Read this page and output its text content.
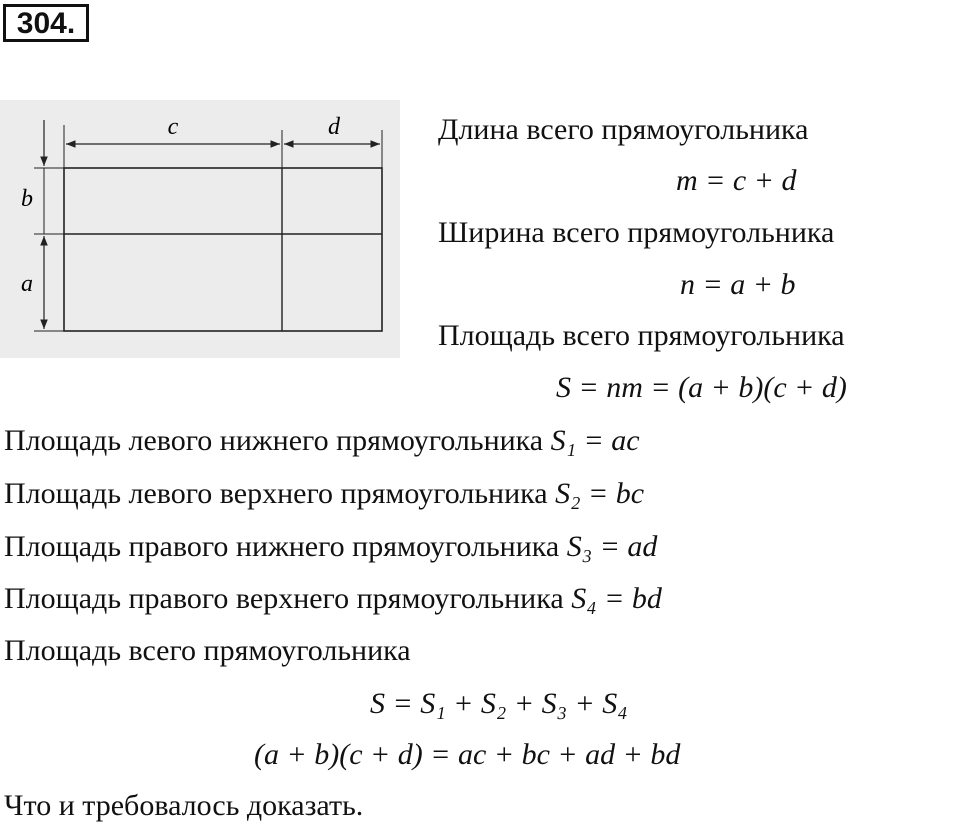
304.
c	d
b
a
Длина всего прямоугольника
m = c + d
Ширина всего прямоугольника
n = a + b
Площадь всего прямоугольника
S = nm = (a + b)(c + d)
Площадь левого нижнего прямоугольника S₁ = ac
Площадь левого верхнего прямоугольника S₂ = bc
Площадь правого нижнего прямоугольника S₃ = ad
Площадь правого верхнего прямоугольника S₄ = bd
Площадь всего прямоугольника
S = S₁ + S₂ + S₃ + S₄
(a + b)(c + d) = ac + bc + ad + bd
Что и требовалось доказать.
